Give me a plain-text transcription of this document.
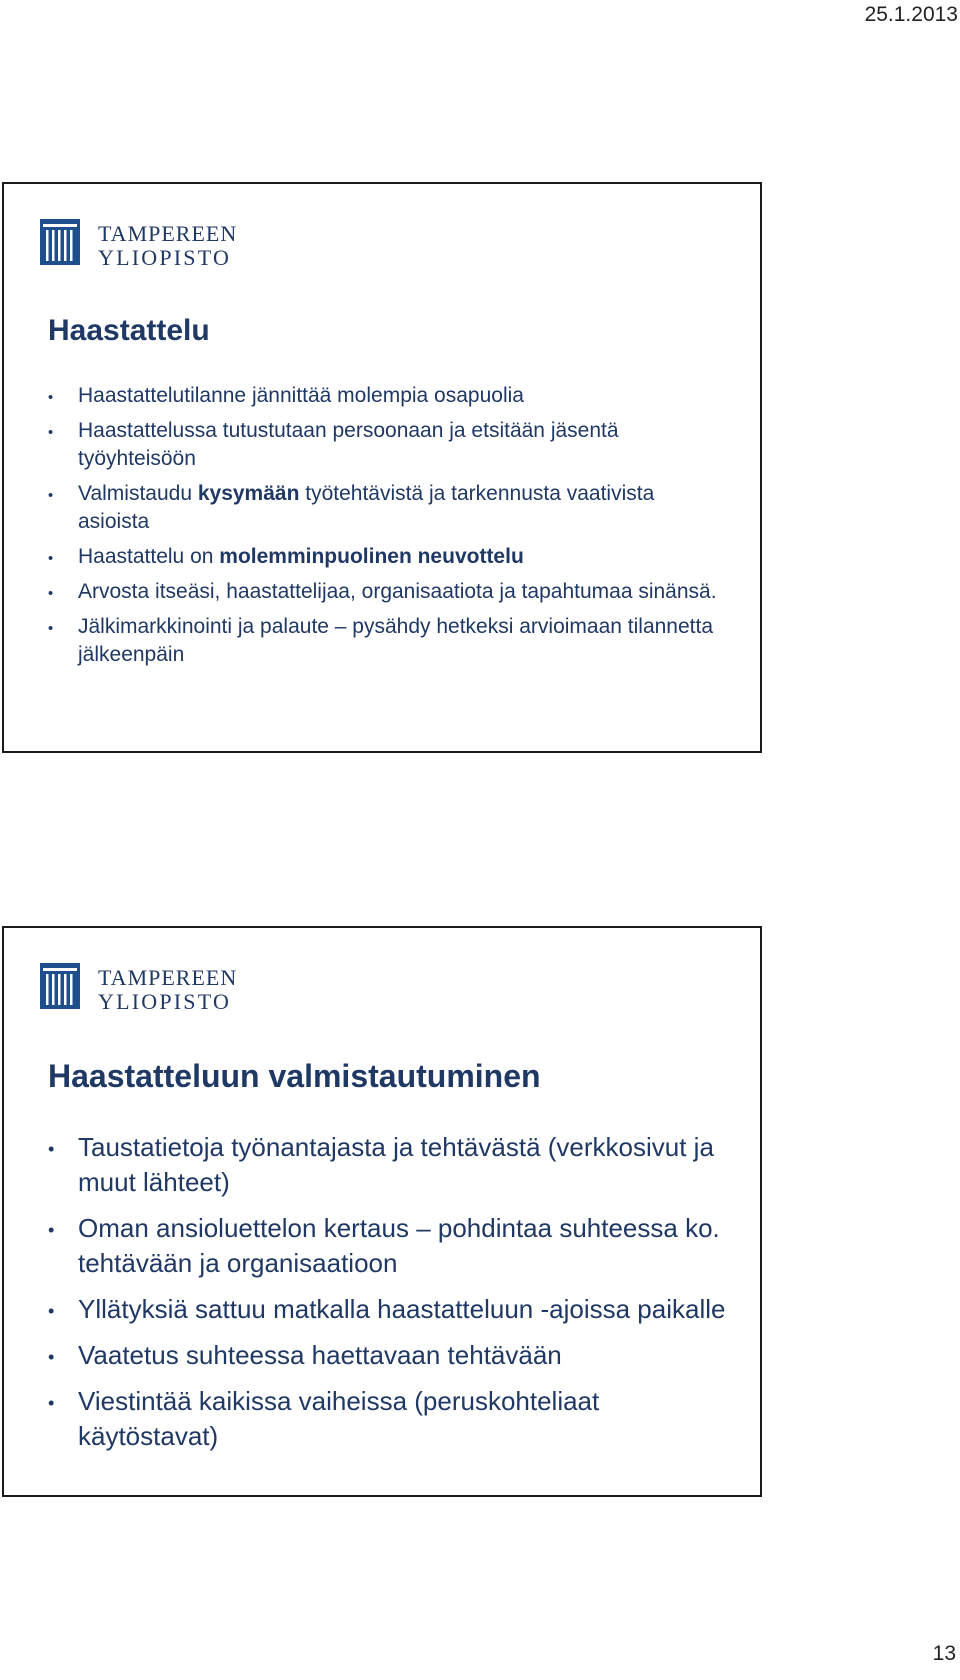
25.1.2013
TAMPEREEN
YLIOPISTO
Haastattelu
• Haastattelutilanne jännittää molempia osapuolia
• Haastattelussa tutustutaan persoonaan ja etsitään jäsentä työyhteisöön
• Valmistaudu kysymään työtehtävistä ja tarkennusta vaativista asioista
• Haastattelu on molemminpuolinen neuvottelu
• Arvosta itseäsi, haastattelijaa, organisaatiota ja tapahtumaa sinänsä.
• Jälkimarkkinointi ja palaute – pysähdy hetkeksi arvioimaan tilannetta jälkeenpäin
TAMPEREEN
YLIOPISTO
Haastatteluun valmistautuminen
• Taustatietoja työnantajasta ja tehtävästä (verkkosivut ja muut lähteet)
• Oman ansioluettelon kertaus – pohdintaa suhteessa ko. tehtävään ja organisaatioon
• Yllätyksiä sattuu matkalla haastatteluun -ajoissa paikalle
• Vaatetus suhteessa haettavaan tehtävään
• Viestintää kaikissa vaiheissa (peruskohteliaat käytöstavat)
13
